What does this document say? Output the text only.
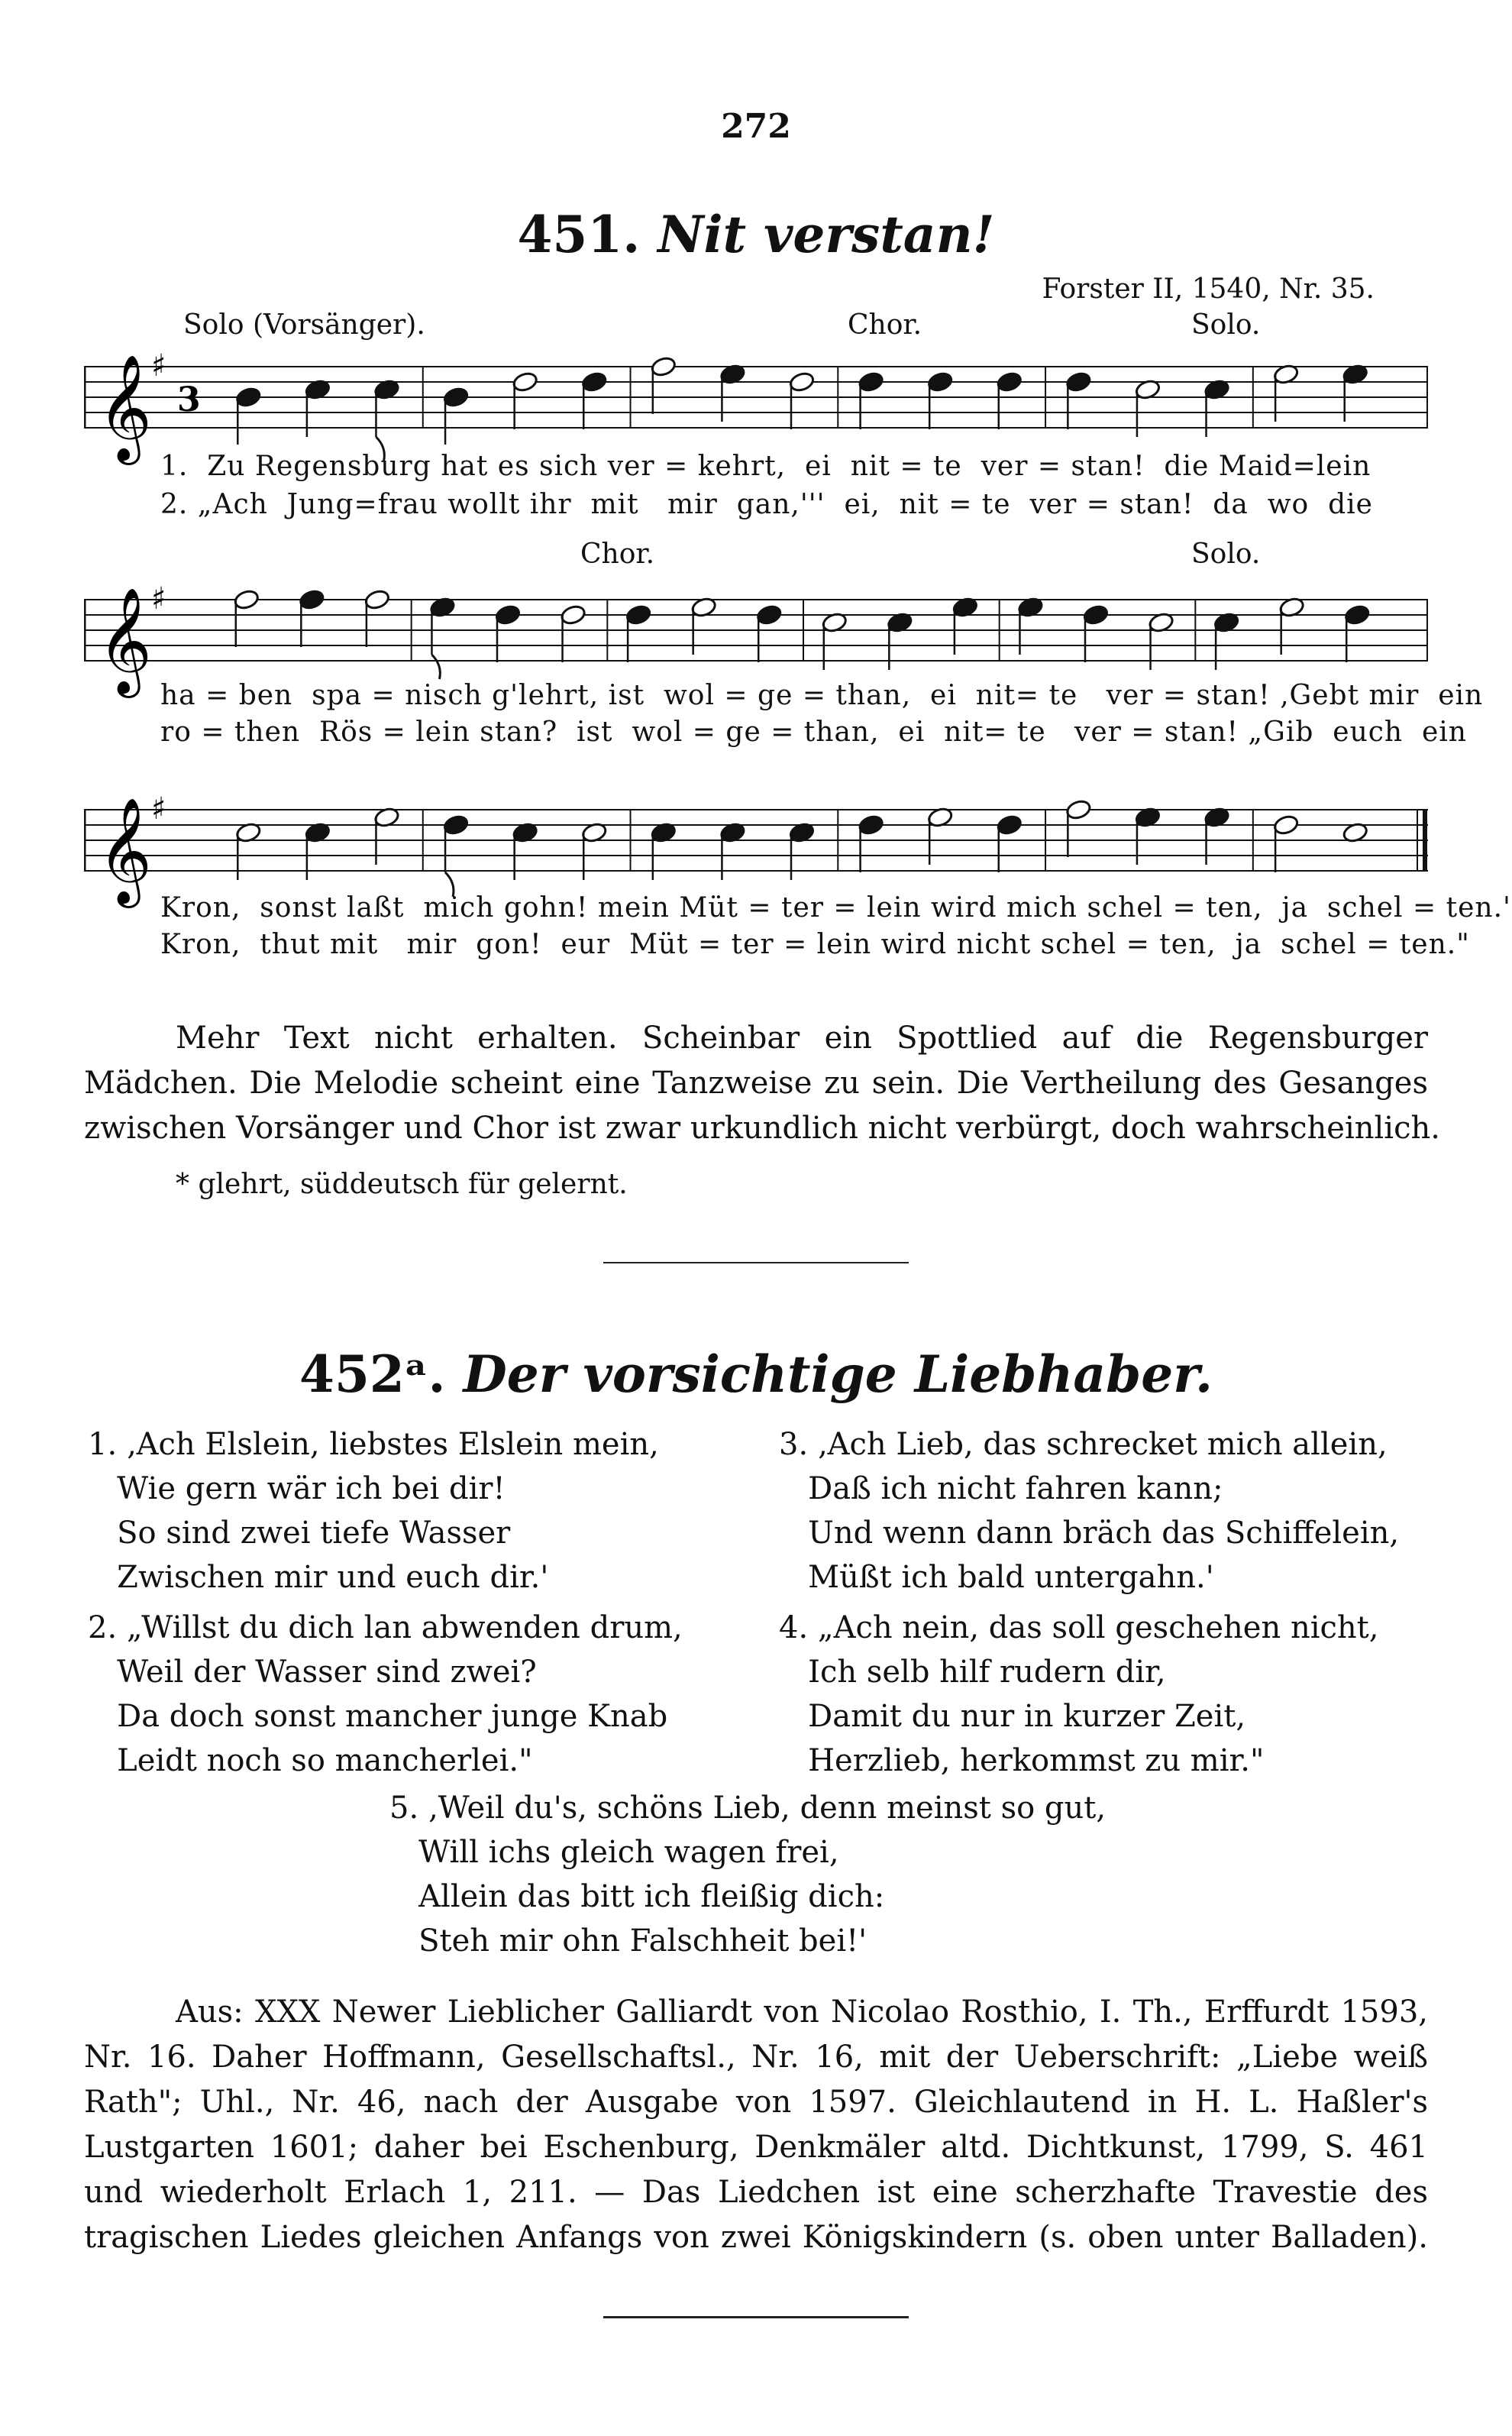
272
451. Nit verstan!
Forster II, 1540, Nr. 35.
Solo (Vorsänger).	Chor.	Solo.
𝄞 ♯
3
1.  Zu Regensburg hat es sich ver = kehrt,  ei  nit = te  ver = stan!  die Maid=lein
2. „Ach  Jung=frau wollt ihr  mit   mir  gan,'''  ei,  nit = te  ver = stan!  da  wo  die
Chor.	Solo.
𝄞 ♯
ha = ben  spa = nisch g'lehrt, ist  wol = ge = than,  ei  nit= te   ver = stan! ‚Gebt mir  ein
ro = then  Rös = lein stan?  ist  wol = ge = than,  ei  nit= te   ver = stan! „Gib  euch  ein
𝄞 ♯
Kron,  sonst laßt  mich gohn! mein Müt = ter = lein wird mich schel = ten,  ja  schel = ten.'
Kron,  thut mit   mir  gon!  eur  Müt = ter = lein wird nicht schel = ten,  ja  schel = ten."
Mehr Text nicht erhalten. Scheinbar ein Spottlied auf die Regensburger
Mädchen. Die Melodie scheint eine Tanzweise zu sein. Die Vertheilung des Gesanges
zwischen Vorsänger und Chor ist zwar urkundlich nicht verbürgt, doch wahrscheinlich.
* glehrt, süddeutsch für gelernt.
452ᵃ. Der vorsichtige Liebhaber.
1. ‚Ach Elslein, liebstes Elslein mein,
Wie gern wär ich bei dir!
So sind zwei tiefe Wasser
Zwischen mir und euch dir.'
3. ‚Ach Lieb, das schrecket mich allein,
Daß ich nicht fahren kann;
Und wenn dann bräch das Schiffelein,
Müßt ich bald untergahn.'
2. „Willst du dich lan abwenden drum,
Weil der Wasser sind zwei?
Da doch sonst mancher junge Knab
Leidt noch so mancherlei."
4. „Ach nein, das soll geschehen nicht,
Ich selb hilf rudern dir,
Damit du nur in kurzer Zeit,
Herzlieb, herkommst zu mir."
5. ‚Weil du's, schöns Lieb, denn meinst so gut,
Will ichs gleich wagen frei,
Allein das bitt ich fleißig dich:
Steh mir ohn Falschheit bei!'
Aus: XXX Newer Lieblicher Galliardt von Nicolao Rosthio, I. Th., Erffurdt 1593,
Nr. 16. Daher Hoffmann, Gesellschaftsl., Nr. 16, mit der Ueberschrift: „Liebe weiß
Rath"; Uhl., Nr. 46, nach der Ausgabe von 1597. Gleichlautend in H. L. Haßler's
Lustgarten 1601; daher bei Eschenburg, Denkmäler altd. Dichtkunst, 1799, S. 461
und wiederholt Erlach 1, 211. — Das Liedchen ist eine scherzhafte Travestie des
tragischen Liedes gleichen Anfangs von zwei Königskindern (s. oben unter Balladen).
